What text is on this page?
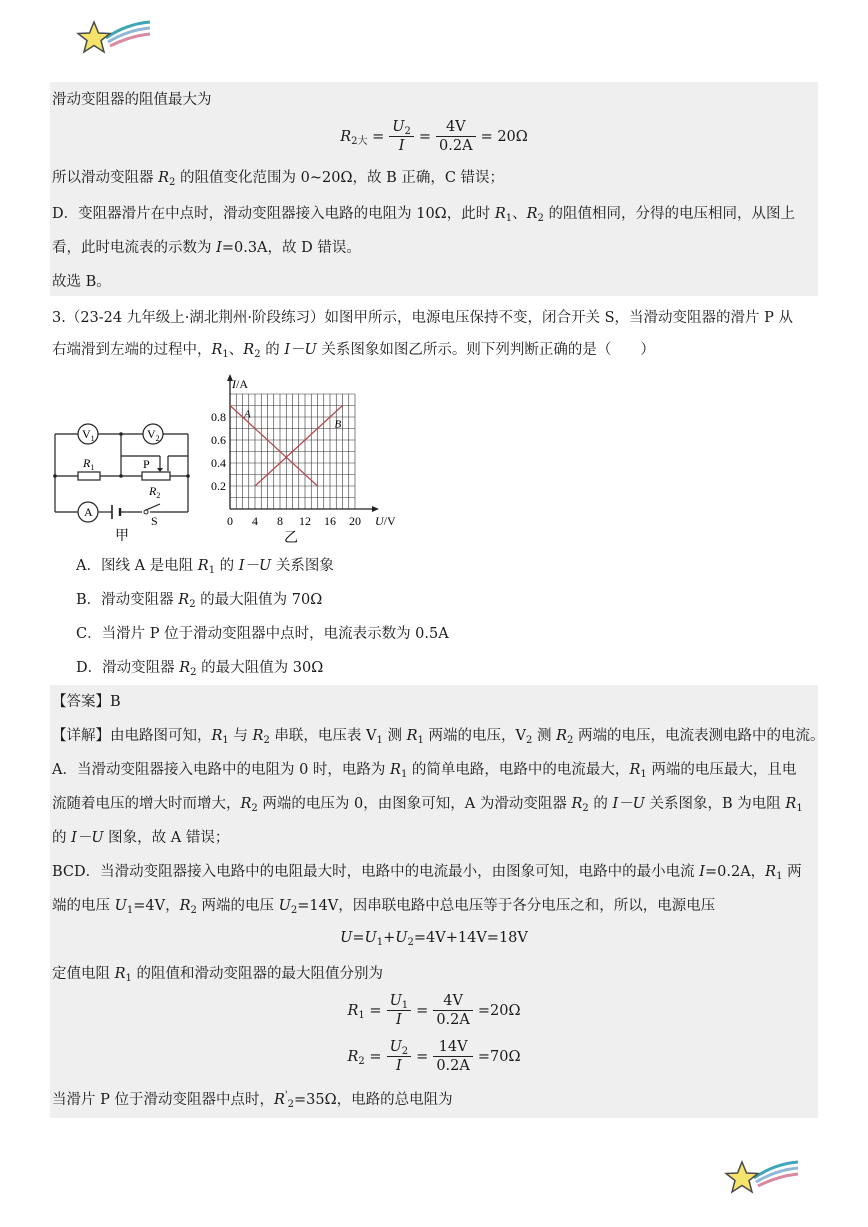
滑动变阻器的阻值最大为
$R_{2大} = \frac{U_2}{I} = \frac{4V}{0.2A} = 20\Omega$
所以滑动变阻器 $R_2$ 的阻值变化范围为 0~20Ω，故 B 正确，C 错误；
D．变阻器滑片在中点时，滑动变阻器接入电路的电阻为 10Ω，此时 $R_1$、$R_2$ 的阻值相同，分得的电压相同，从图上
看，此时电流表的示数为 I=0.3A，故 D 错误。
故选 B。
3.（23-24 九年级上·湖北荆州·阶段练习）如图甲所示，电源电压保持不变，闭合开关 S，当滑动变阻器的滑片 P 从
右端滑到左端的过程中，$R_1$、$R_2$ 的 I－U 关系图象如图乙所示。则下列判断正确的是（　　）
$V_1$	$V_2$
$R_1$	P
$R_2$
A
S
甲
0 4 8 12 16 20
0.2
0.4
0.6
0.8
I/A
U/V
A
B
乙
A．图线 A 是电阻 $R_1$ 的 I－U 关系图象
B．滑动变阻器 $R_2$ 的最大阻值为 70Ω
C．当滑片 P 位于滑动变阻器中点时，电流表示数为 0.5A
D．滑动变阻器 $R_2$ 的最大阻值为 30Ω
【答案】B
【详解】由电路图可知，$R_1$ 与 $R_2$ 串联，电压表 $V_1$ 测 $R_1$ 两端的电压，$V_2$ 测 $R_2$ 两端的电压，电流表测电路中的电流。
A．当滑动变阻器接入电路中的电阻为 0 时，电路为 $R_1$ 的简单电路，电路中的电流最大，$R_1$ 两端的电压最大，且电
流随着电压的增大时而增大，$R_2$ 两端的电压为 0，由图象可知，A 为滑动变阻器 $R_2$ 的 I－U 关系图象，B 为电阻 $R_1$
的 I－U 图象，故 A 错误；
BCD．当滑动变阻器接入电路中的电阻最大时，电路中的电流最小，由图象可知，电路中的最小电流 I=0.2A，$R_1$ 两
端的电压 $U_1=4V$，$R_2$ 两端的电压 $U_2=14V$，因串联电路中总电压等于各分电压之和，所以，电源电压
$U=U_1+U_2=4V+14V=18V$
定值电阻 $R_1$ 的阻值和滑动变阻器的最大阻值分别为
$R_1 = \frac{U_1}{I} = \frac{4V}{0.2A} =20\Omega$
$R_2 = \frac{U_2}{I} = \frac{14V}{0.2A} =70\Omega$
当滑片 P 位于滑动变阻器中点时，$R'_2=35\Omega$，电路的总电阻为
